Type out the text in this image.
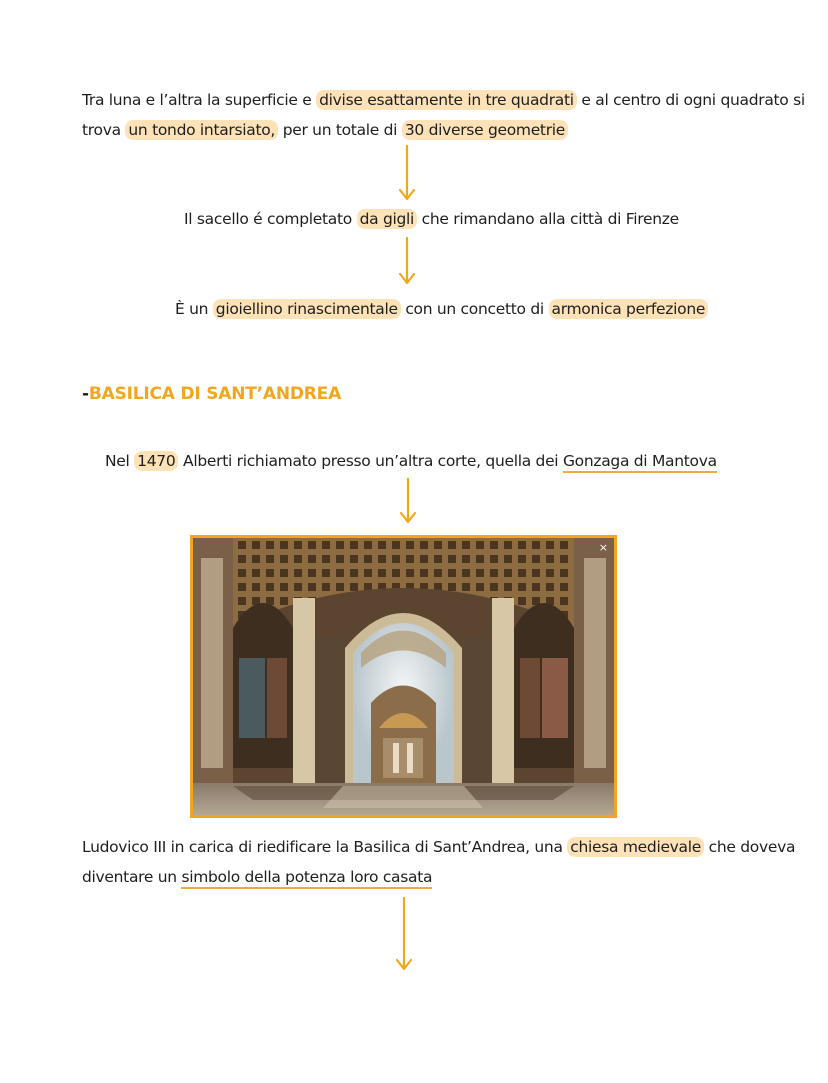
Tra luna e l’altra la superficie e divise esattamente in tre quadrati e al centro di ogni quadrato si
trova un tondo intarsiato, per un totale di 30 diverse geometrie
Il sacello é completato da gigli che rimandano alla città di Firenze
È un gioiellino rinascimentale con un concetto di armonica perfezione
-BASILICA DI SANT’ANDREA
Nel 1470 Alberti richiamato presso un’altra corte, quella dei Gonzaga di Mantova
×
Ludovico III in carica di riedificare la Basilica di Sant’Andrea, una chiesa medievale che doveva
diventare un simbolo della potenza loro casata
